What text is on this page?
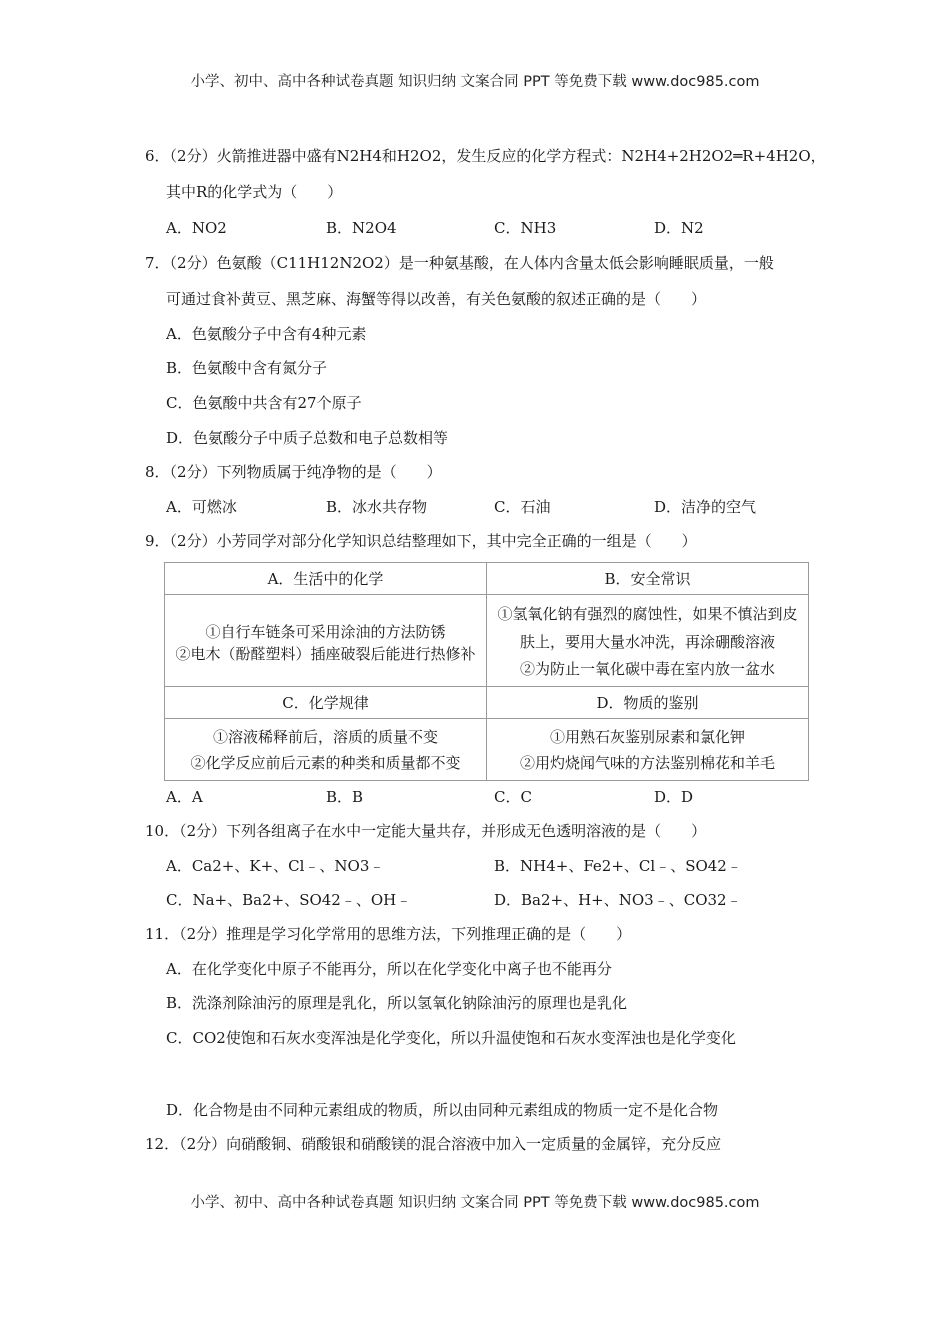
小学、初中、高中各种试卷真题 知识归纳 文案合同 PPT 等免费下载 www.doc985.com
6．（2分）火箭推进器中盛有N2H4和H2O2，发生反应的化学方程式：N2H4+2H2O2═R+4H2O，
其中R的化学式为（　　）
A．NO2	B．N2O4	C．NH3	D．N2
7．（2分）色氨酸（C11H12N2O2）是一种氨基酸，在人体内含量太低会影响睡眠质量，一般
可通过食补黄豆、黑芝麻、海蟹等得以改善，有关色氨酸的叙述正确的是（　　）
A．色氨酸分子中含有4种元素
B．色氨酸中含有氮分子
C．色氨酸中共含有27个原子
D．色氨酸分子中质子总数和电子总数相等
8．（2分）下列物质属于纯净物的是（　　）
A．可燃冰	B．冰水共存物	C．石油	D．洁净的空气
9．（2分）小芳同学对部分化学知识总结整理如下，其中完全正确的一组是（　　）
A．生活中的化学	B．安全常识

①自行车链条可采用涂油的方法防锈
②电木（酚醛塑料）插座破裂后能进行热修补	①氢氧化钠有强烈的腐蚀性，如果不慎沾到皮肤上，要用大量水冲洗，再涂硼酸溶液
②为防止一氧化碳中毒在室内放一盆水

C．化学规律	D．物质的鉴别

①溶液稀释前后，溶质的质量不变
②化学反应前后元素的种类和质量都不变	①用熟石灰鉴别尿素和氯化钾
②用灼烧闻气味的方法鉴别棉花和羊毛
A．A	B．B	C．C	D．D
10．（2分）下列各组离子在水中一定能大量共存，并形成无色透明溶液的是（　　）
A．Ca2+、K+、Cl﹣、NO3﹣	B．NH4+、Fe2+、Cl﹣、SO42﹣
C．Na+、Ba2+、SO42﹣、OH﹣	D．Ba2+、H+、NO3﹣、CO32﹣
11．（2分）推理是学习化学常用的思维方法，下列推理正确的是（　　）
A．在化学变化中原子不能再分，所以在化学变化中离子也不能再分
B．洗涤剂除油污的原理是乳化，所以氢氧化钠除油污的原理也是乳化
C．CO2使饱和石灰水变浑浊是化学变化，所以升温使饱和石灰水变浑浊也是化学变化
D．化合物是由不同种元素组成的物质，所以由同种元素组成的物质一定不是化合物
12．（2分）向硝酸铜、硝酸银和硝酸镁的混合溶液中加入一定质量的金属锌，充分反应
小学、初中、高中各种试卷真题 知识归纳 文案合同 PPT 等免费下载 www.doc985.com
